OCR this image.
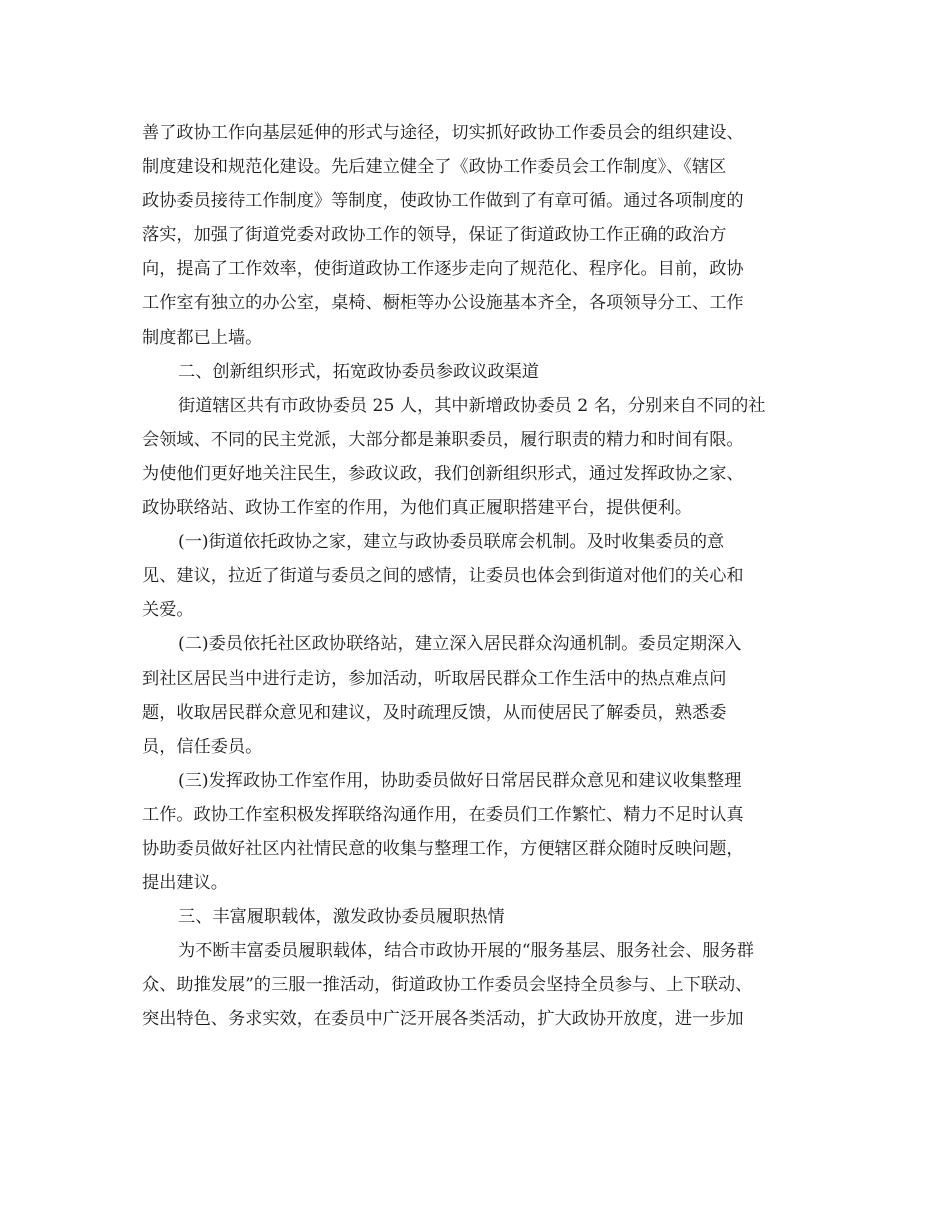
善了政协工作向基层延伸的形式与途径，切实抓好政协工作委员会的组织建设、
制度建设和规范化建设。先后建立健全了《政协工作委员会工作制度》、《辖区
政协委员接待工作制度》等制度，使政协工作做到了有章可循。通过各项制度的
落实，加强了街道党委对政协工作的领导，保证了街道政协工作正确的政治方
向，提高了工作效率，使街道政协工作逐步走向了规范化、程序化。目前，政协
工作室有独立的办公室，桌椅、橱柜等办公设施基本齐全，各项领导分工、工作
制度都已上墙。
二、创新组织形式，拓宽政协委员参政议政渠道
街道辖区共有市政协委员 25 人，其中新增政协委员 2 名，分别来自不同的社
会领域、不同的民主党派，大部分都是兼职委员，履行职责的精力和时间有限。
为使他们更好地关注民生，参政议政，我们创新组织形式，通过发挥政协之家、
政协联络站、政协工作室的作用，为他们真正履职搭建平台，提供便利。
(一)街道依托政协之家，建立与政协委员联席会机制。及时收集委员的意
见、建议，拉近了街道与委员之间的感情，让委员也体会到街道对他们的关心和
关爱。
(二)委员依托社区政协联络站，建立深入居民群众沟通机制。委员定期深入
到社区居民当中进行走访，参加活动，听取居民群众工作生活中的热点难点问
题，收取居民群众意见和建议，及时疏理反馈，从而使居民了解委员，熟悉委
员，信任委员。
(三)发挥政协工作室作用，协助委员做好日常居民群众意见和建议收集整理
工作。政协工作室积极发挥联络沟通作用，在委员们工作繁忙、精力不足时认真
协助委员做好社区内社情民意的收集与整理工作，方便辖区群众随时反映问题，
提出建议。
三、丰富履职载体，激发政协委员履职热情
为不断丰富委员履职载体，结合市政协开展的“服务基层、服务社会、服务群
众、助推发展”的三服一推活动，街道政协工作委员会坚持全员参与、上下联动、
突出特色、务求实效，在委员中广泛开展各类活动，扩大政协开放度，进一步加
